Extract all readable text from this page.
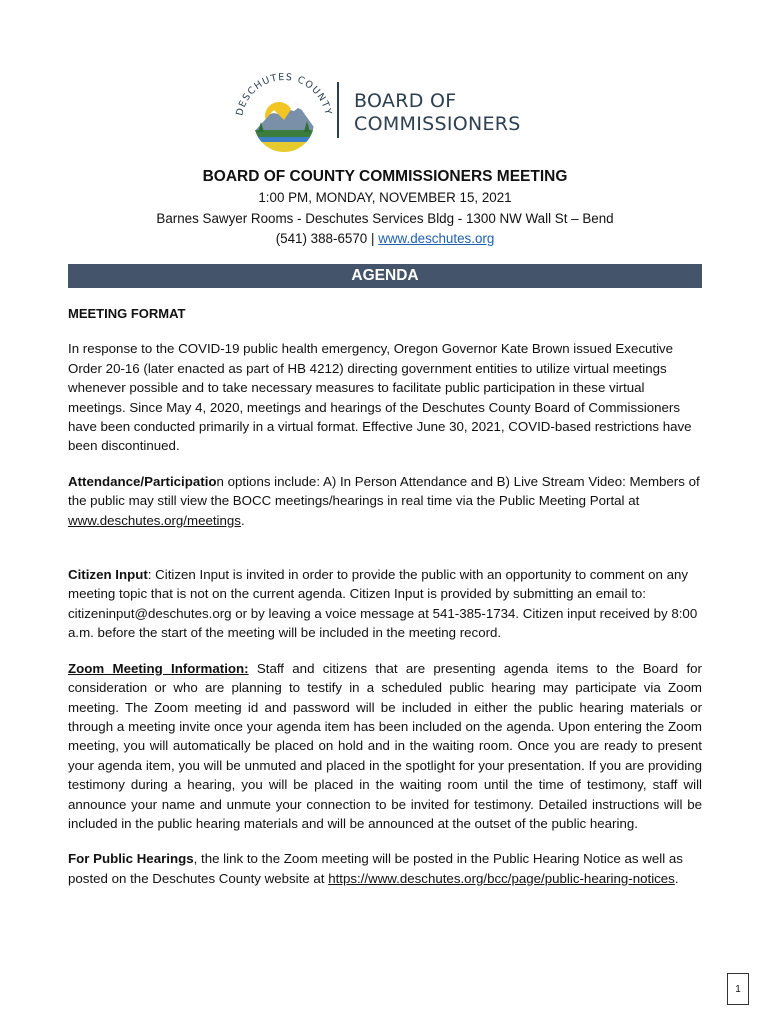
DESCHUTES COUNTY
BOARD OF
COMMISSIONERS
BOARD OF COUNTY COMMISSIONERS MEETING
1:00 PM, MONDAY, NOVEMBER 15, 2021
Barnes Sawyer Rooms - Deschutes Services Bldg - 1300 NW Wall St – Bend
(541) 388-6570 | www.deschutes.org
AGENDA

MEETING FORMAT

In response to the COVID-19 public health emergency, Oregon Governor Kate Brown issued Executive Order 20-16 (later enacted as part of HB 4212) directing government entities to utilize virtual meetings whenever possible and to take necessary measures to facilitate public participation in these virtual meetings. Since May 4, 2020, meetings and hearings of the Deschutes County Board of Commissioners have been conducted primarily in a virtual format. Effective June 30, 2021, COVID-based restrictions have been discontinued.

Attendance/Participation options include: A) In Person Attendance and B) Live Stream Video: Members of the public may still view the BOCC meetings/hearings in real time via the Public Meeting Portal at www.deschutes.org/meetings.

Citizen Input: Citizen Input is invited in order to provide the public with an opportunity to comment on any meeting topic that is not on the current agenda. Citizen Input is provided by submitting an email to: citizeninput@deschutes.org or by leaving a voice message at 541-385-1734. Citizen input received by 8:00 a.m. before the start of the meeting will be included in the meeting record.

Zoom Meeting Information: Staff and citizens that are presenting agenda items to the Board for consideration or who are planning to testify in a scheduled public hearing may participate via Zoom meeting. The Zoom meeting id and password will be included in either the public hearing materials or through a meeting invite once your agenda item has been included on the agenda. Upon entering the Zoom meeting, you will automatically be placed on hold and in the waiting room. Once you are ready to present your agenda item, you will be unmuted and placed in the spotlight for your presentation. If you are providing testimony during a hearing, you will be placed in the waiting room until the time of testimony, staff will announce your name and unmute your connection to be invited for testimony. Detailed instructions will be included in the public hearing materials and will be announced at the outset of the public hearing.

For Public Hearings, the link to the Zoom meeting will be posted in the Public Hearing Notice as well as posted on the Deschutes County website at https://www.deschutes.org/bcc/page/public-hearing-notices.

1
